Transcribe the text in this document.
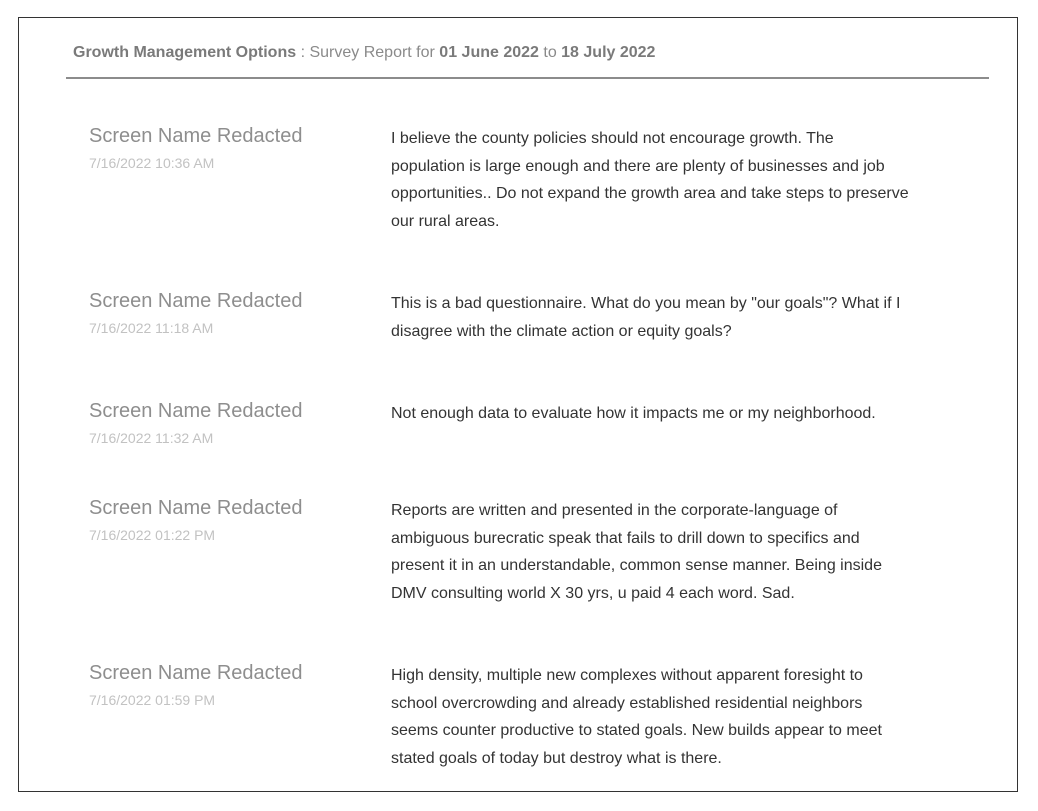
Growth Management Options : Survey Report for 01 June 2022 to 18 July 2022
Screen Name Redacted
7/16/2022 10:36 AM
I believe the county policies should not encourage growth. The population is large enough and there are plenty of businesses and job opportunities.. Do not expand the growth area and take steps to preserve our rural areas.
Screen Name Redacted
7/16/2022 11:18 AM
This is a bad questionnaire. What do you mean by "our goals"? What if I disagree with the climate action or equity goals?
Screen Name Redacted
7/16/2022 11:32 AM
Not enough data to evaluate how it impacts me or my neighborhood.
Screen Name Redacted
7/16/2022 01:22 PM
Reports are written and presented in the corporate-language of ambiguous burecratic speak that fails to drill down to specifics and present it in an understandable, common sense manner. Being inside DMV consulting world X 30 yrs, u paid 4 each word. Sad.
Screen Name Redacted
7/16/2022 01:59 PM
High density, multiple new complexes without apparent foresight to school overcrowding and already established residential neighbors seems counter productive to stated goals. New builds appear to meet stated goals of today but destroy what is there.
